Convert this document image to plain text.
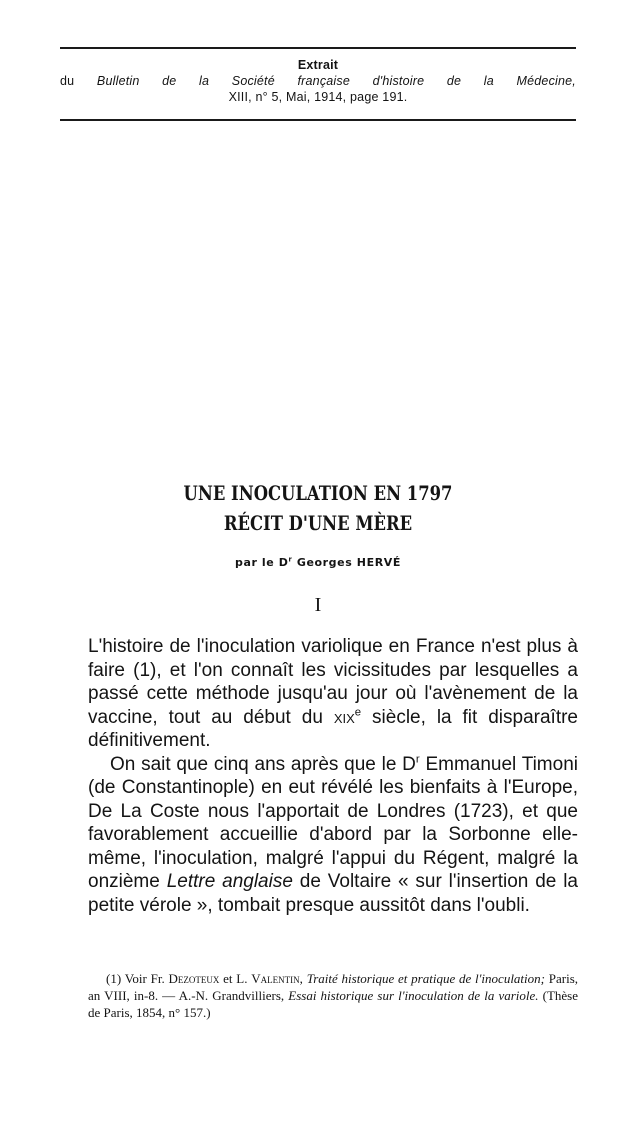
Extrait
du Bulletin de la Société française d'histoire de la Médecine,
XIII, n° 5, Mai, 1914, page 191.
UNE INOCULATION EN 1797
RÉCIT D'UNE MÈRE
par le $D^r$ Georges HERVÉ
I

L'histoire de l'inoculation variolique en France n'est plus à faire (1), et l'on connaît les vicissitudes par lesquelles a passé cette méthode jusqu'au jour où l'avènement de la vaccine, tout au début du xix$^e$ siècle, la fit disparaître définitivement.

On sait que cinq ans après que le $D^r$ Emmanuel Timoni (de Constantinople) en eut révélé les bienfaits à l'Europe, De La Coste nous l'apportait de Londres (1723), et que favorablement accueillie d'abord par la Sorbonne elle-même, l'inoculation, malgré l'appui du Régent, malgré la onzième Lettre anglaise de Voltaire « sur l'insertion de la petite vérole », tombait presque aussitôt dans l'oubli.

(1) Voir Fr. Dezoteux et L. Valentin, Traité historique et pratique de l'inoculation; Paris, an VIII, in-8. — A.-N. Grandvilliers, Essai historique sur l'inoculation de la variole. (Thèse de Paris, 1854, n° 157.)
